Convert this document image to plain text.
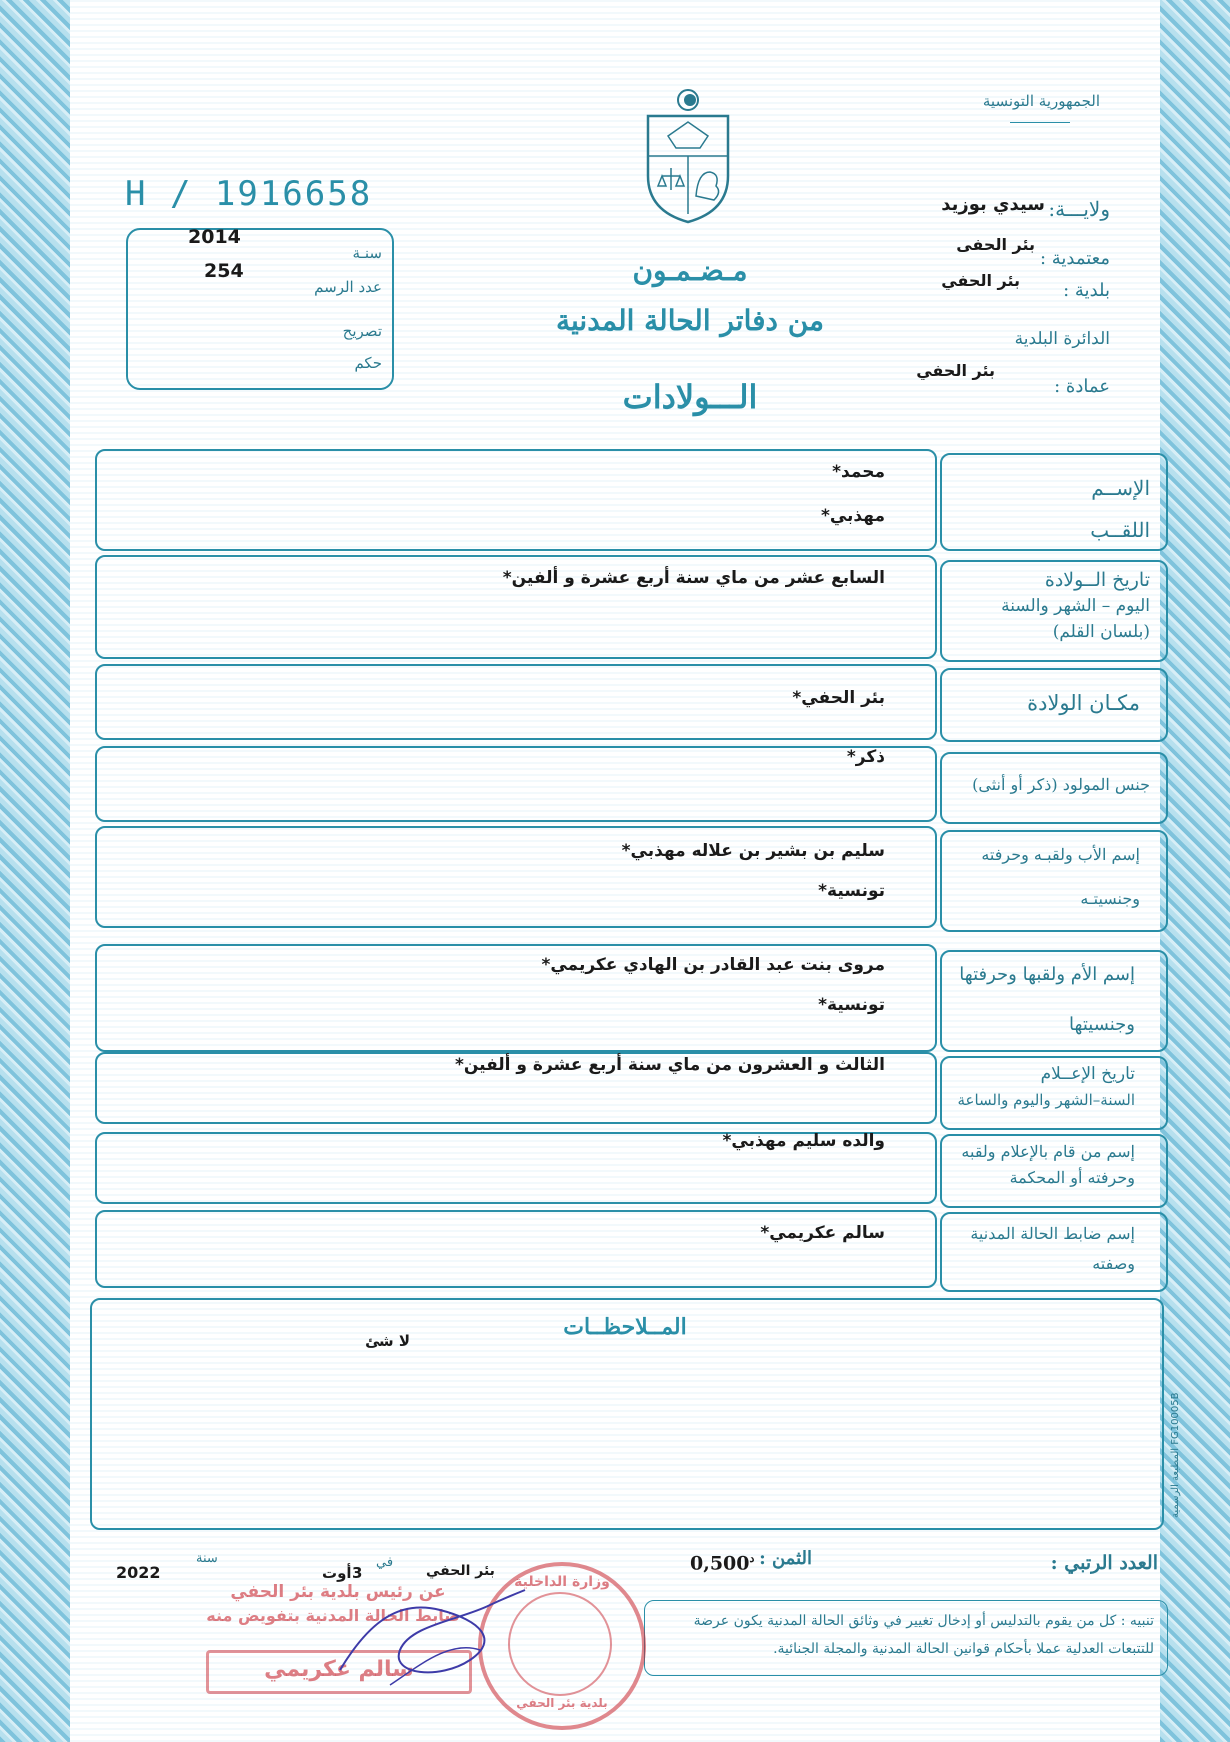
الجمهورية التونسية
ولايـــة:
سيدي بوزيد
معتمدية :
بئر الحفى
بلدية :
بئر الحفي
الدائرة البلدية
عمادة :
بئر الحفي
H / 1916658
سنـة
2014
عدد الرسم
254
تصريح
حكم
مـضـمـون
من دفاتر الحالة المدنية
الـــولادات
الإســم
اللقــب
محمد*
مهذبي*
تاريخ الــولادة
اليوم – الشهر والسنة
(بلسان القلم)
السابع عشر من ماي سنة أربع عشرة و ألفين*
مكـان الولادة
بئر الحفي*
جنس المولود (ذكر أو أنثى)
ذكر*
إسم الأب ولقبـه وحرفته
وجنسيتـه
سليم بن بشير بن علاله مهذبي*
تونسية*
إسم الأم ولقبها وحرفتها
وجنسيتها
مروى بنت عبد القادر بن الهادي عكريمي*
تونسية*
تاريخ الإعــلام
السنة–الشهر واليوم والساعة
الثالث و العشرون من ماي سنة أربع عشرة و ألفين*
إسم من قام بالإعلام ولقبه
وحرفته أو المحكمة
والده سليم مهذبي*
إسم ضابط الحالة المدنية
وصفته
سالم عكريمي*
المــلاحظــات
لا شئ
المطبعة الرسمية FG10005B
العدد الرتبي :
الثمن :
$0,500^د$
بئر الحفي
في
3
أوت
سنة
2022
تنبيه : كل من يقوم بالتدليس أو إدخال تغيير في وثائق الحالة المدنية يكون عرضة
للتتبعات العدلية عملا بأحكام قوانين الحالة المدنية والمجلة الجنائية.
وزارة الداخلية
بلدية بئر الحفي
عن رئيس بلدية بئر الحفي
ضابط الحالة المدنية بتفويض منه
سالم عكريمي
